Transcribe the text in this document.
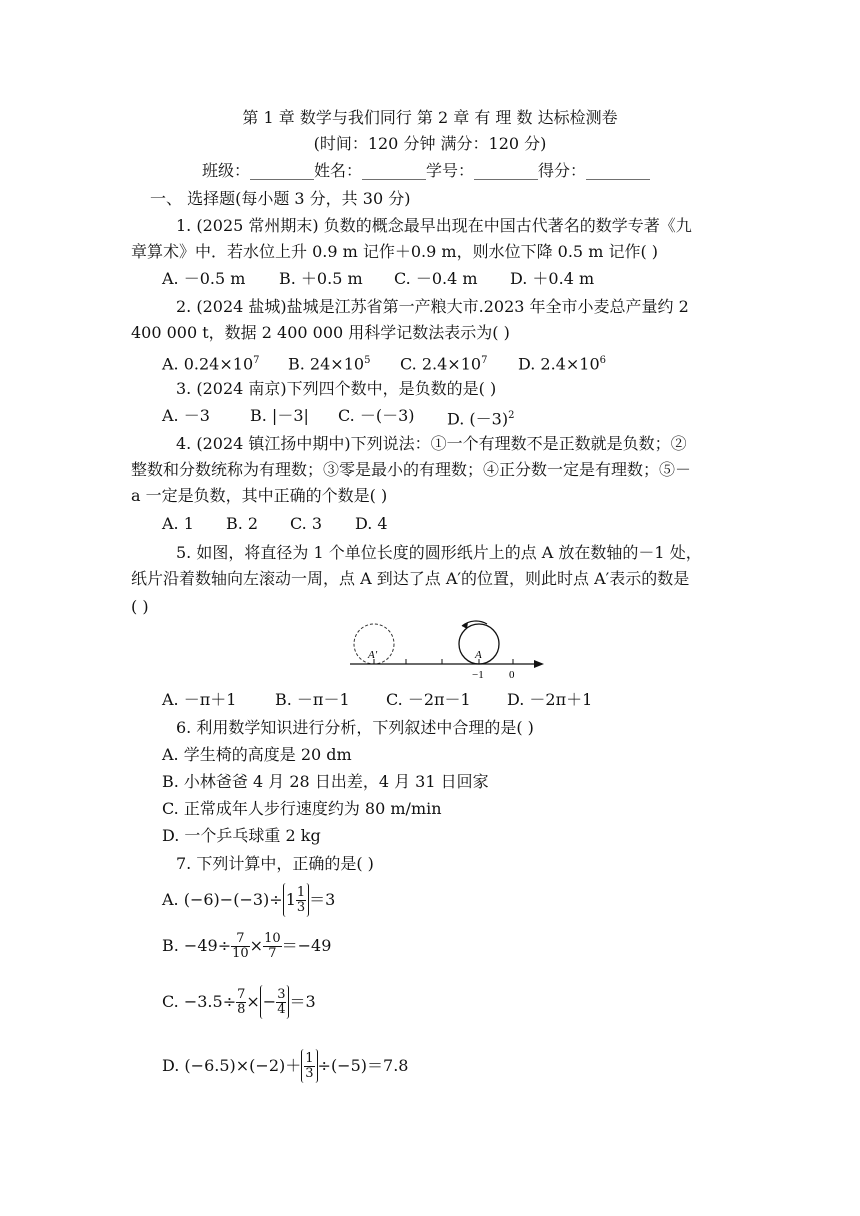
第 1 章 数学与我们同行 第 2 章 有 理 数 达标检测卷
(时间：120 分钟 满分：120 分)
班级：________姓名：________学号：________得分：________
一、 选择题(每小题 3 分，共 30 分)
1. (2025 常州期末) 负数的概念最早出现在中国古代著名的数学专著《九
章算术》中．若水位上升 0.9 m 记作＋0.9 m，则水位下降 0.5 m 记作( )
A. －0.5 m B. ＋0.5 m C. －0.4 m D. ＋0.4 m
2. (2024 盐城)盐城是江苏省第一产粮大市.2023 年全市小麦总产量约 2
400 000 t，数据 2 400 000 用科学记数法表示为( )
A. $0.24\times 10^7$ B. $24\times 10^5$ C. $2.4\times 10^7$ D. $2.4\times 10^6$
3. (2024 南京)下列四个数中，是负数的是( )
A. －3	B. |－3| C. －(－3) D. $(-3)^2$
4. (2024 镇江扬中期中)下列说法：①一个有理数不是正数就是负数；②
整数和分数统称为有理数；③零是最小的有理数；④正分数一定是有理数；⑤－
a 一定是负数，其中正确的个数是( )
A. 1 B. 2 C. 3 D. 4
5. 如图，将直径为 1 个单位长度的圆形纸片上的点 A 放在数轴的－1 处，
纸片沿着数轴向左滚动一周，点 A 到达了点 A′的位置，则此时点 A′表示的数是
( )
A′	A
−1 0
A. －π＋1 B. －π－1 C. －2π－1 D. －2π＋1
6. 利用数学知识进行分析，下列叙述中合理的是( )
A. 学生椅的高度是 20 dm
B. 小林爸爸 4 月 28 日出差，4 月 31 日回家
C. 正常成年人步行速度约为 80 m/min
D. 一个乒乓球重 2 kg
7. 下列计算中，正确的是( )
A. $(-6)-(-3)\div 1 \frac{1}{3} =3$
B. $-49\div \frac{7}{10} \times \frac{10}{7} =-49$
C. $-3.5\div \frac{7}{8}$ × − $\frac{3}{4} =3$
D. $(-6.5)\times(-2)+ \frac{1}{3} \div(-5)=7.8$
